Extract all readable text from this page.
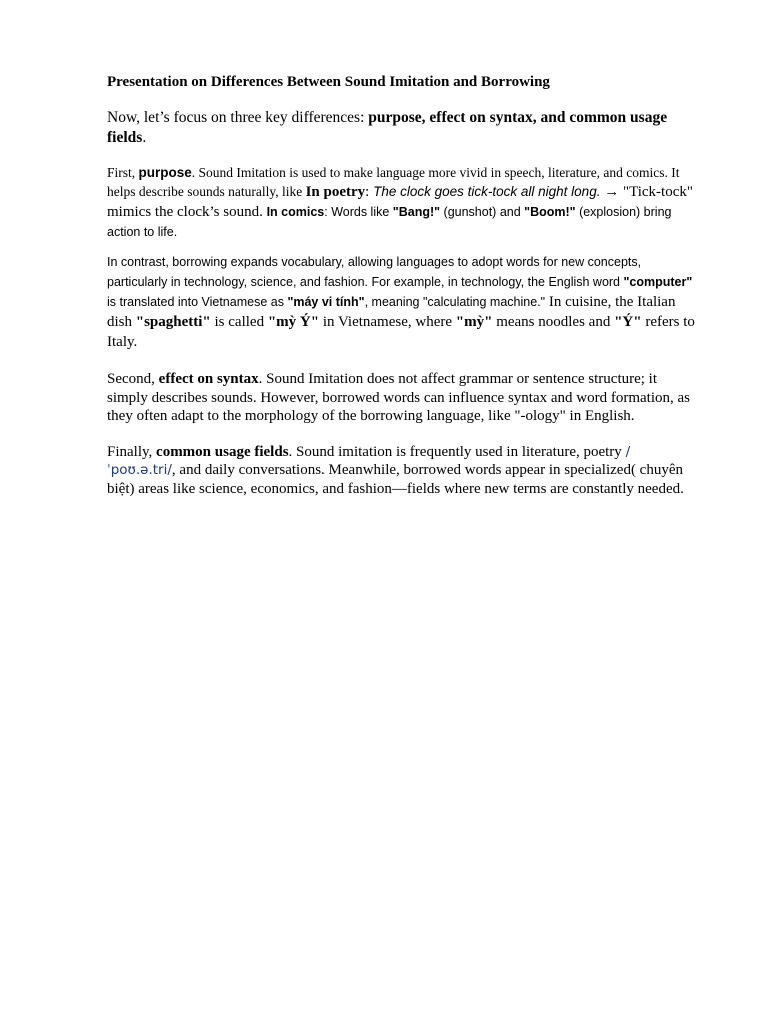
Presentation on Differences Between Sound Imitation and Borrowing

Now, let’s focus on three key differences: purpose, effect on syntax, and common usage fields.

First, purpose. Sound Imitation is used to make language more vivid in speech, literature, and comics. It helps describe sounds naturally, like In poetry: The clock goes tick-tock all night long. → "Tick-tock" mimics the clock’s sound. In comics: Words like "Bang!" (gunshot) and "Boom!" (explosion) bring action to life.

In contrast, borrowing expands vocabulary, allowing languages to adopt words for new concepts, particularly in technology, science, and fashion. For example, in technology, the English word "computer" is translated into Vietnamese as "máy vi tính", meaning "calculating machine." In cuisine, the Italian dish "spaghetti" is called "mỳ Ý" in Vietnamese, where "mỳ" means noodles and "Ý" refers to Italy.

Second, effect on syntax. Sound Imitation does not affect grammar or sentence structure; it simply describes sounds. However, borrowed words can influence syntax and word formation, as they often adapt to the morphology of the borrowing language, like "-ology" in English.

Finally, common usage fields. Sound imitation is frequently used in literature, poetry /ˈpoʊ.ə.tri/, and daily conversations. Meanwhile, borrowed words appear in specialized( chuyên biệt) areas like science, economics, and fashion—fields where new terms are constantly needed.
